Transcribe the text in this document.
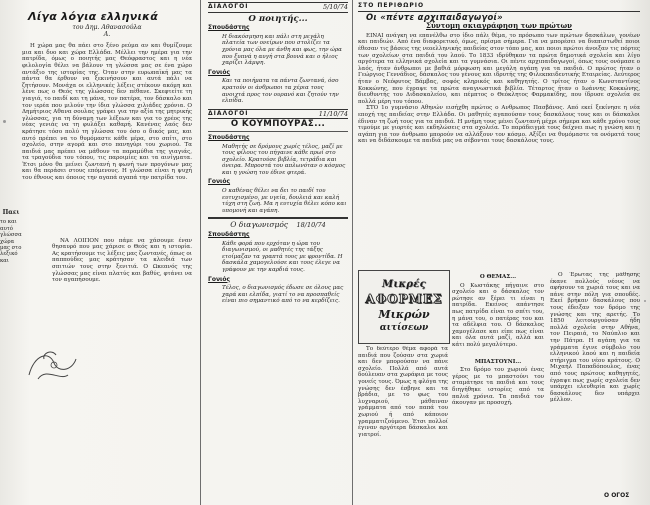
Παει
το και αυτό γλώσσα χώρα μας στο λεξικό και
Λίγα λόγια ελληνικά
του Δημ. Αθανασούλα
Α.

Η χώρα μας θα πάει στο ξένο ρεύμα αν και θυμίζουμε μια και δυο και χώρα Ελλάδα. Μέλλει την ημέρα για την πατρίδα, όμως ο ποιητής μας Θεόφραστος και η νέα φιλολογία θέλει να βάλουν τη γλώσσα μας σε ένα χώρο αντάξιο της ιστορίας της. Όταν στην ευρωπαϊκή μας τα πάντα θα έρθουν να ξεκινήσουν και αυτά πάλι να ζητήσουν. Μονάχα οι ελληνικές λέξεις στέκουν ακόμη και λένε πως ο Θεός της γλώσσας δεν πέθανε. Σκεφτείτε τη γιαγιά, το παιδί και τη μάνα, τον πατέρα, τον δάσκαλο και τον ιερέα που μιλούν την ίδια γλώσσα χιλιάδες χρόνια. Ο Δημήτριος Αθανα σουλας γράφει για την αξία της μητρικής γλώσσας, για τη δύναμη των λέξεων και για το χρέος της νέας γενιάς να τη φυλάξει καθαρή. Κανένας λαός δεν κράτησε τόσο πολύ τη γλώσσα του όσο ο δικός μας, και αυτό πρέπει να το θυμόμαστε κάθε μέρα, στο σπίτι, στο σχολείο, στην αγορά και στο πανηγύρι του χωριού. Τα παιδιά μας πρέπει να μάθουν τα παραμύθια της γιαγιάς, τα τραγούδια του τόπου, τις παροιμίες και τα αινίγματα. Έτσι μόνο θα μείνει ζωντανή η φωνή των προγόνων μας και θα περάσει στους επόμενους. Η γλώσσα είναι η ψυχή του έθνους και όποιος την αγαπά αγαπά την πατρίδα του.

ΝΑ ΛΟΙΠΟΝ που πάμε να χάσουμε έναν θησαυρό που μας χάρισε ο Θεός και η ιστορία. Ας κρατήσουμε τις λέξεις μας ζωντανές, όπως οι παππούδες μας κράτησαν τα κλειδιά των σπιτιών τους στην ξενιτιά. Ο Ωκεανός της γλώσσας μας είναι πλατύς και βαθύς, φτάνει να τον αγαπήσουμε.

ΔΙΑΛΟΓΟΙ	5/10/74
Ο ποιητής...
Σπουδάστης
Η διακόσμηση και πάλι στη μεγάλη πλατεία των ονείρων που στολίζει τα χρόνια μας όλα με άνθη και φως, την ώρα που ξυπνά η αυγή στα βουνά και ο ήλιος χαρίζει λάμψη.
Γονιός
Και τα ποιήματα τα πάντα ζωντανά, όσο κρατούν οι άνθρωποι τα χέρια τους ανοιχτά προς τον ουρανό και ζητούν την ελπίδα.
ΔΙΑΛΟΓΟΙ	11/10/74
Ο ΚΟΥΜΠΟΥΡΑΣ...
Σπουδάστης
Μαθητής σε δρόμους χωρίς τέλος, μαζί με τους φίλους του πήγαινε κάθε πρωί στο σχολείο. Κρατούσε βιβλία, τετράδια και όνειρα. Μπροστά του απλωνόταν ο κόσμος και η γνώση του έδινε φτερά.
Γονιός
Ο καθένας θέλει να δει το παιδί του ευτυχισμένο, με υγεία, δουλειά και καλή τύχη στη ζωή. Μα η ευτυχία θέλει κόπο και υπομονή και αγάπη.
Ο διαγωνισμός 18/10/74
Σπουδάστης
Κάθε φορά που ερχόταν η ώρα του διαγωνισμού, οι μαθητές της τάξης ετοίμαζαν τα γραπτά τους με φροντίδα. Η δασκάλα χαμογελούσε και τους έλεγε να γράφουν με την καρδιά τους.
Γονιός
Τέλος, ο διαγωνισμός έδωσε σε όλους μας χαρά και ελπίδα, γιατί το να προσπαθείς είναι πιο σημαντικό από το να κερδίζεις.
ΣΤΟ ΠΕΡΙΘΩΡΙΟ
Οι «πέντε αρχιπαιδαγωγοί»
Σύντομη σκιαγράφηση των πρώτων

ΕΙΝΑΙ ανάγκη να επανέλθω στο ίδιο πάλι θέμα, το πρόσωπο των πρώτων δασκάλων, γονέων και παιδιών. Από ένα διαφορετικό, όμως, πρίσμα σήμερα. Για να μπορέσει να διαπιστωθεί ποιοι έθεσαν τις βάσεις της νεοελληνικής παιδείας στον τόπο μας, και ποιοι πρώτοι άνοιξαν τις πόρτες των σχολείων στα παιδιά του λαού. Το 1833 ιδρύθηκαν τα πρώτα δημοτικά σχολεία και λίγο αργότερα τα ελληνικά σχολεία και τα γυμνάσια. Οι πέντε αρχιπαιδαγωγοί, όπως τους ονόμασε ο λαός, ήταν άνθρωποι με βαθιά μόρφωση και μεγάλη αγάπη για τα παιδιά. Ο πρώτος ήταν ο Γεώργιος Γεννάδιος, δάσκαλος του γένους και ιδρυτής της Φιλεκπαιδευτικής Εταιρείας. Δεύτερος ήταν ο Νεόφυτος Βάμβας, σοφός κληρικός και καθηγητής. Ο τρίτος ήταν ο Κωνσταντίνος Κοκκώνης, που έγραψε τα πρώτα αναγνωστικά βιβλία. Τέταρτος ήταν ο Ιωάννης Κοκκώνης, διευθυντής του Διδασκαλείου, και πέμπτος ο Θεόκλητος Φαρμακίδης, που ίδρυσε σχολεία σε πολλά μέρη του τόπου.

ΣΤΟ 1ο γυμνάσιο Αθηνών εισήχθη πρώτος ο Ανθρωπος Πασβάνος. Από εκεί ξεκίνησε η νέα εποχή της παιδείας στην Ελλάδα. Οι μαθητές αγαπούσαν τους δασκάλους τους και οι δάσκαλοι έδιναν τη ζωή τους για τα παιδιά. Η μνήμη τους μένει ζωντανή μέχρι σήμερα και κάθε χρόνο τους τιμούμε με γιορτές και εκδηλώσεις στα σχολεία. Το παράδειγμά τους δείχνει πως η γνώση και η αγάπη για τον άνθρωπο μπορούν να αλλάξουν τον κόσμο. Αξίζει να θυμόμαστε τα ονόματά τους και να διδάσκουμε τα παιδιά μας να σέβονται τους δασκάλους τους.

Μικρές
ΑΦΟΡΜΕΣ
Μικρών
αιτίσεων

Το δεύτερο θέμα αφορά τα παιδιά που ζούσαν στα χωριά και δεν μπορούσαν να πάνε σχολείο. Πολλά από αυτά δούλευαν στα χωράφια με τους γονείς τους. Όμως η φλόγα της γνώσης δεν έσβηνε και τα βράδια, με το φως του λυχναριού, μάθαιναν γράμματα από τον παπά του χωριού ή από κάποιον γραμματιζούμενο. Έτσι πολλοί έγιναν αργότερα δάσκαλοι και γιατροί.

Ο ΘΕΜΑΣ...

Ο Κωστάκης πήγαινε στο σχολείο και ο δάσκαλος τον ρώτησε αν ξέρει τι είναι η πατρίδα. Εκείνος απάντησε πως πατρίδα είναι το σπίτι του, η μάνα του, ο πατέρας του και τα αδέλφια του. Ο δάσκαλος χαμογέλασε και είπε πως είναι και όλα αυτά μαζί, αλλά και κάτι πολύ μεγαλύτερο.

ΜΠΑΣΤΟΥΝΙ...

Στο δρόμο του χωριού ένας γέρος με το μπαστούνι του σταμάτησε τα παιδιά και τους διηγήθηκε ιστορίες από τα παλιά χρόνια. Τα παιδιά τον άκουγαν με προσοχή.

Ο Έρωτας της μάθησης έκανε πολλούς νέους να αφήσουν τα χωριά τους και να πάνε στην πόλη για σπουδές. Εκεί βρήκαν δασκάλους που τους έδειξαν τον δρόμο της γνώσης και της αρετής. Το 1850 λειτουργούσαν ήδη πολλά σχολεία στην Αθήνα, τον Πειραιά, το Ναύπλιο και την Πάτρα. Η αγάπη για τα γράμματα έγινε σύμβολο του ελληνικού λαού και η παιδεία στήριγμα του νέου κράτους. Ο Μιχαήλ Παπαδόπουλος, ένας από τους πρώτους καθηγητές, έγραψε πως χωρίς σχολεία δεν υπάρχει ελευθερία και χωρίς δασκάλους δεν υπάρχει μέλλον.

Ο ΟΓΟΣ
